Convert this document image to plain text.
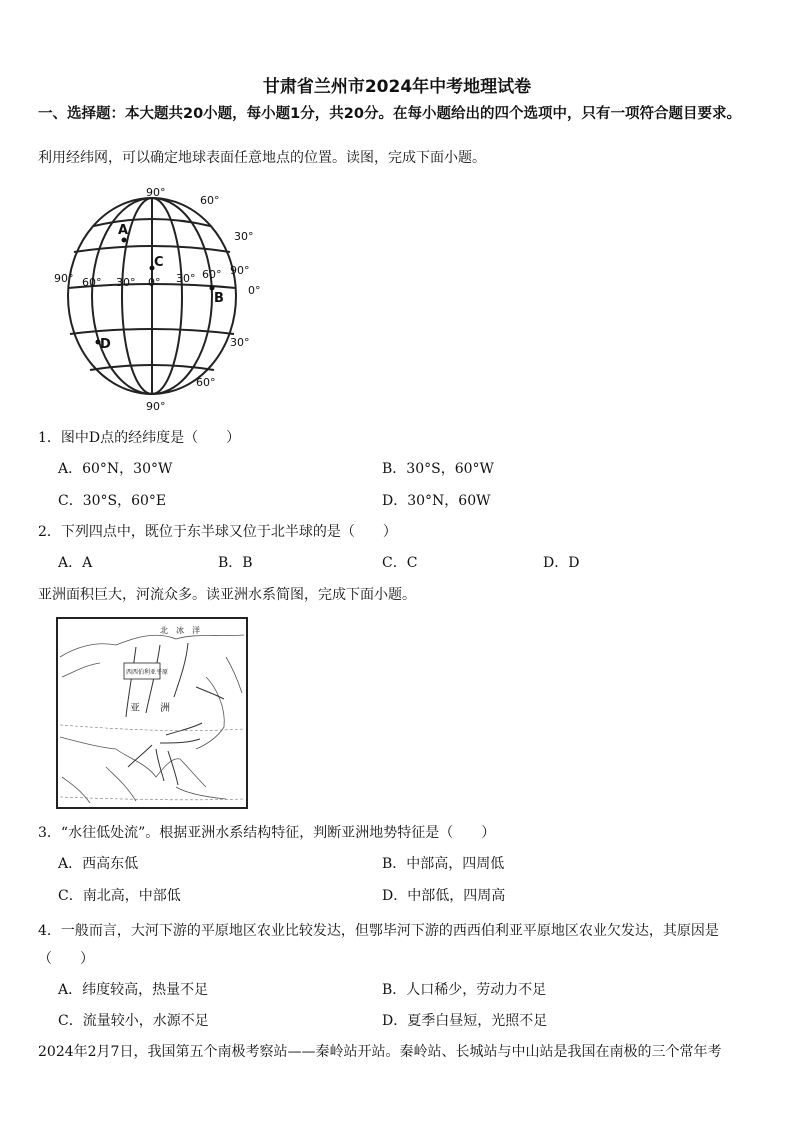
甘肃省兰州市2024年中考地理试卷
一、选择题：本大题共20小题，每小题1分，共20分。在每小题给出的四个选项中，只有一项符合题目要求。
利用经纬网，可以确定地球表面任意地点的位置。读图，完成下面小题。
90°
60°
30°
0°
30°
60°
90°
90° 60° 30° 0° 30° 60° 90°
A
B
C
D
1．图中D点的经纬度是（　　）
A．60°N，30°W	B．30°S，60°W
C．30°S，60°E	D．30°N，60W
2．下列四点中，既位于东半球又位于北半球的是（　　）
A．A	B．B	C．C	D．D
亚洲面积巨大，河流众多。读亚洲水系简图，完成下面小题。
北　冰　洋
西西伯利亚平原
亚　　洲
3．“水往低处流”。根据亚洲水系结构特征，判断亚洲地势特征是（　　）
A．西高东低	B．中部高，四周低
C．南北高，中部低	D．中部低，四周高
4．一般而言，大河下游的平原地区农业比较发达，但鄂毕河下游的西西伯利亚平原地区农业欠发达，其原因是（　　）
A．纬度较高，热量不足	B．人口稀少，劳动力不足
C．流量较小，水源不足	D．夏季白昼短，光照不足
2024年2月7日，我国第五个南极考察站——秦岭站开站。秦岭站、长城站与中山站是我国在南极的三个常年考
